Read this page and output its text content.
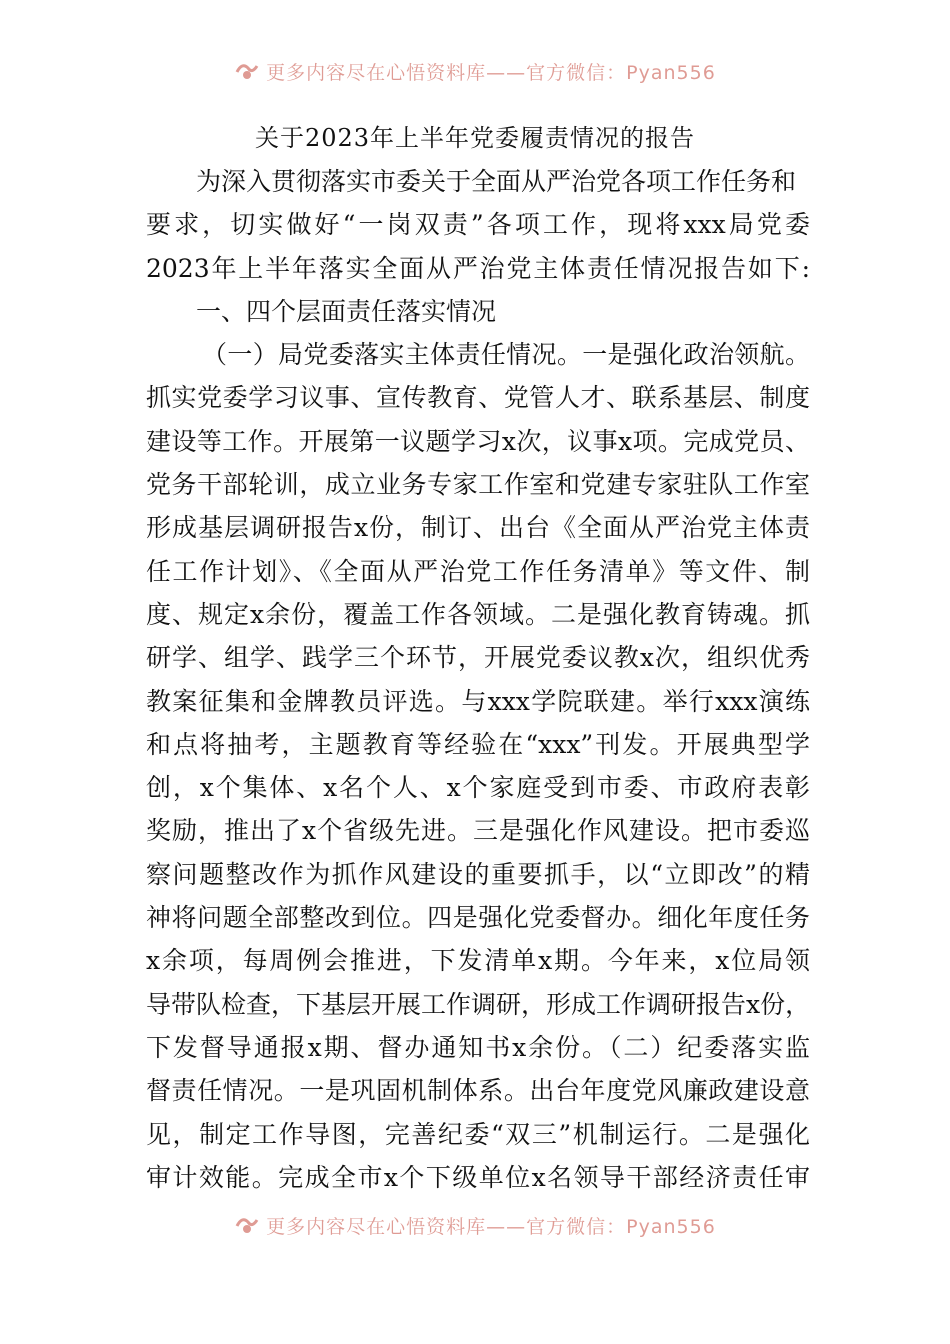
更多内容尽在心悟资料库——官方微信：Pyan556
关于2023年上半年党委履责情况的报告
为深入贯彻落实市委关于全面从严治党各项工作任务和
要求，切实做好“一岗双责”各项工作，现将xxx局党委
2023年上半年落实全面从严治党主体责任情况报告如下:
一、四个层面责任落实情况
（一）局党委落实主体责任情况。一是强化政治领航。
抓实党委学习议事、宣传教育、党管人才、联系基层、制度
建设等工作。开展第一议题学习x次，议事x项。完成党员、
党务干部轮训，成立业务专家工作室和党建专家驻队工作室
形成基层调研报告x份，制订、出台《全面从严治党主体责
任工作计划》、《全面从严治党工作任务清单》等文件、制
度、规定x余份，覆盖工作各领域。二是强化教育铸魂。抓
研学、组学、践学三个环节，开展党委议教x次，组织优秀
教案征集和金牌教员评选。与xxx学院联建。举行xxx演练
和点将抽考，主题教育等经验在“xxx”刊发。开展典型学
创，x个集体、x名个人、x个家庭受到市委、市政府表彰
奖励，推出了x个省级先进。三是强化作风建设。把市委巡
察问题整改作为抓作风建设的重要抓手，以“立即改”的精
神将问题全部整改到位。四是强化党委督办。细化年度任务
x余项，每周例会推进，下发清单x期。今年来，x位局领
导带队检查，下基层开展工作调研，形成工作调研报告x份，
下发督导通报x期、督办通知书x余份。（二）纪委落实监
督责任情况。一是巩固机制体系。出台年度党风廉政建设意
见，制定工作导图，完善纪委“双三”机制运行。二是强化
审计效能。完成全市x个下级单位x名领导干部经济责任审
更多内容尽在心悟资料库——官方微信：Pyan556
